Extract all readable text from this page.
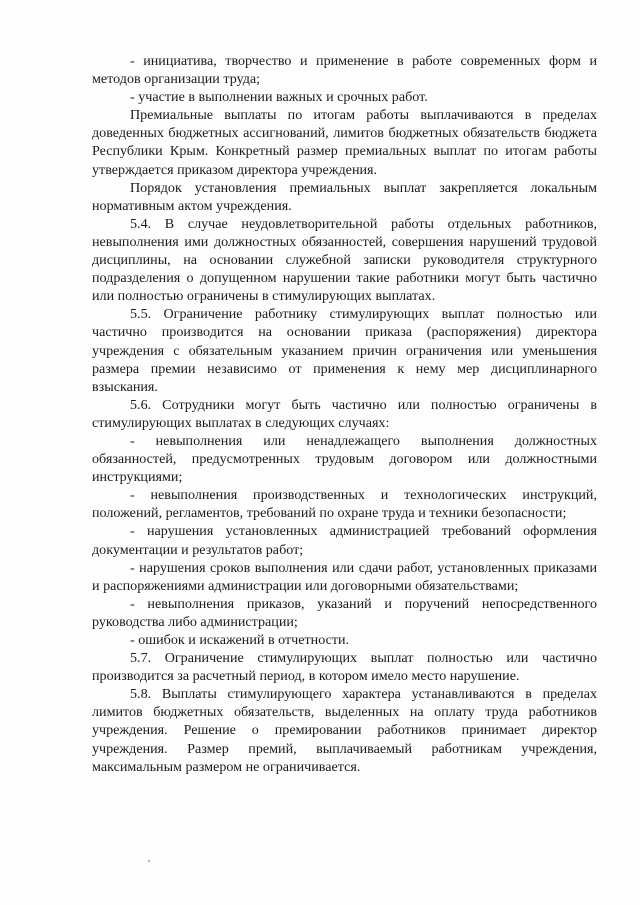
- инициатива, творчество и применение в работе современных форм и методов организации труда;

- участие в выполнении важных и срочных работ.

Премиальные выплаты по итогам работы выплачиваются в пределах доведенных бюджетных ассигнований, лимитов бюджетных обязательств бюджета Республики Крым. Конкретный размер премиальных выплат по итогам работы утверждается приказом директора учреждения.

Порядок установления премиальных выплат закрепляется локальным нормативным актом учреждения.

5.4. В случае неудовлетворительной работы отдельных работников, невыполнения ими должностных обязанностей, совершения нарушений трудовой дисциплины, на основании служебной записки руководителя структурного подразделения о допущенном нарушении такие работники могут быть частично или полностью ограничены в стимулирующих выплатах.

5.5. Ограничение работнику стимулирующих выплат полностью или частично производится на основании приказа (распоряжения) директора учреждения с обязательным указанием причин ограничения или уменьшения размера премии независимо от применения к нему мер дисциплинарного взыскания.

5.6. Сотрудники могут быть частично или полностью ограничены в стимулирующих выплатах в следующих случаях:

- невыполнения или ненадлежащего выполнения должностных обязанностей, предусмотренных трудовым договором или должностными инструкциями;

- невыполнения производственных и технологических инструкций, положений, регламентов, требований по охране труда и техники безопасности;

- нарушения установленных администрацией требований оформления документации и результатов работ;

- нарушения сроков выполнения или сдачи работ, установленных приказами и распоряжениями администрации или договорными обязательствами;

- невыполнения приказов, указаний и поручений непосредственного руководства либо администрации;

- ошибок и искажений в отчетности.

5.7. Ограничение стимулирующих выплат полностью или частично производится за расчетный период, в котором имело место нарушение.

5.8. Выплаты стимулирующего характера устанавливаются в пределах лимитов бюджетных обязательств, выделенных на оплату труда работников учреждения. Решение о премировании работников принимает директор учреждения. Размер премий, выплачиваемый работникам учреждения, максимальным размером не ограничивается.
